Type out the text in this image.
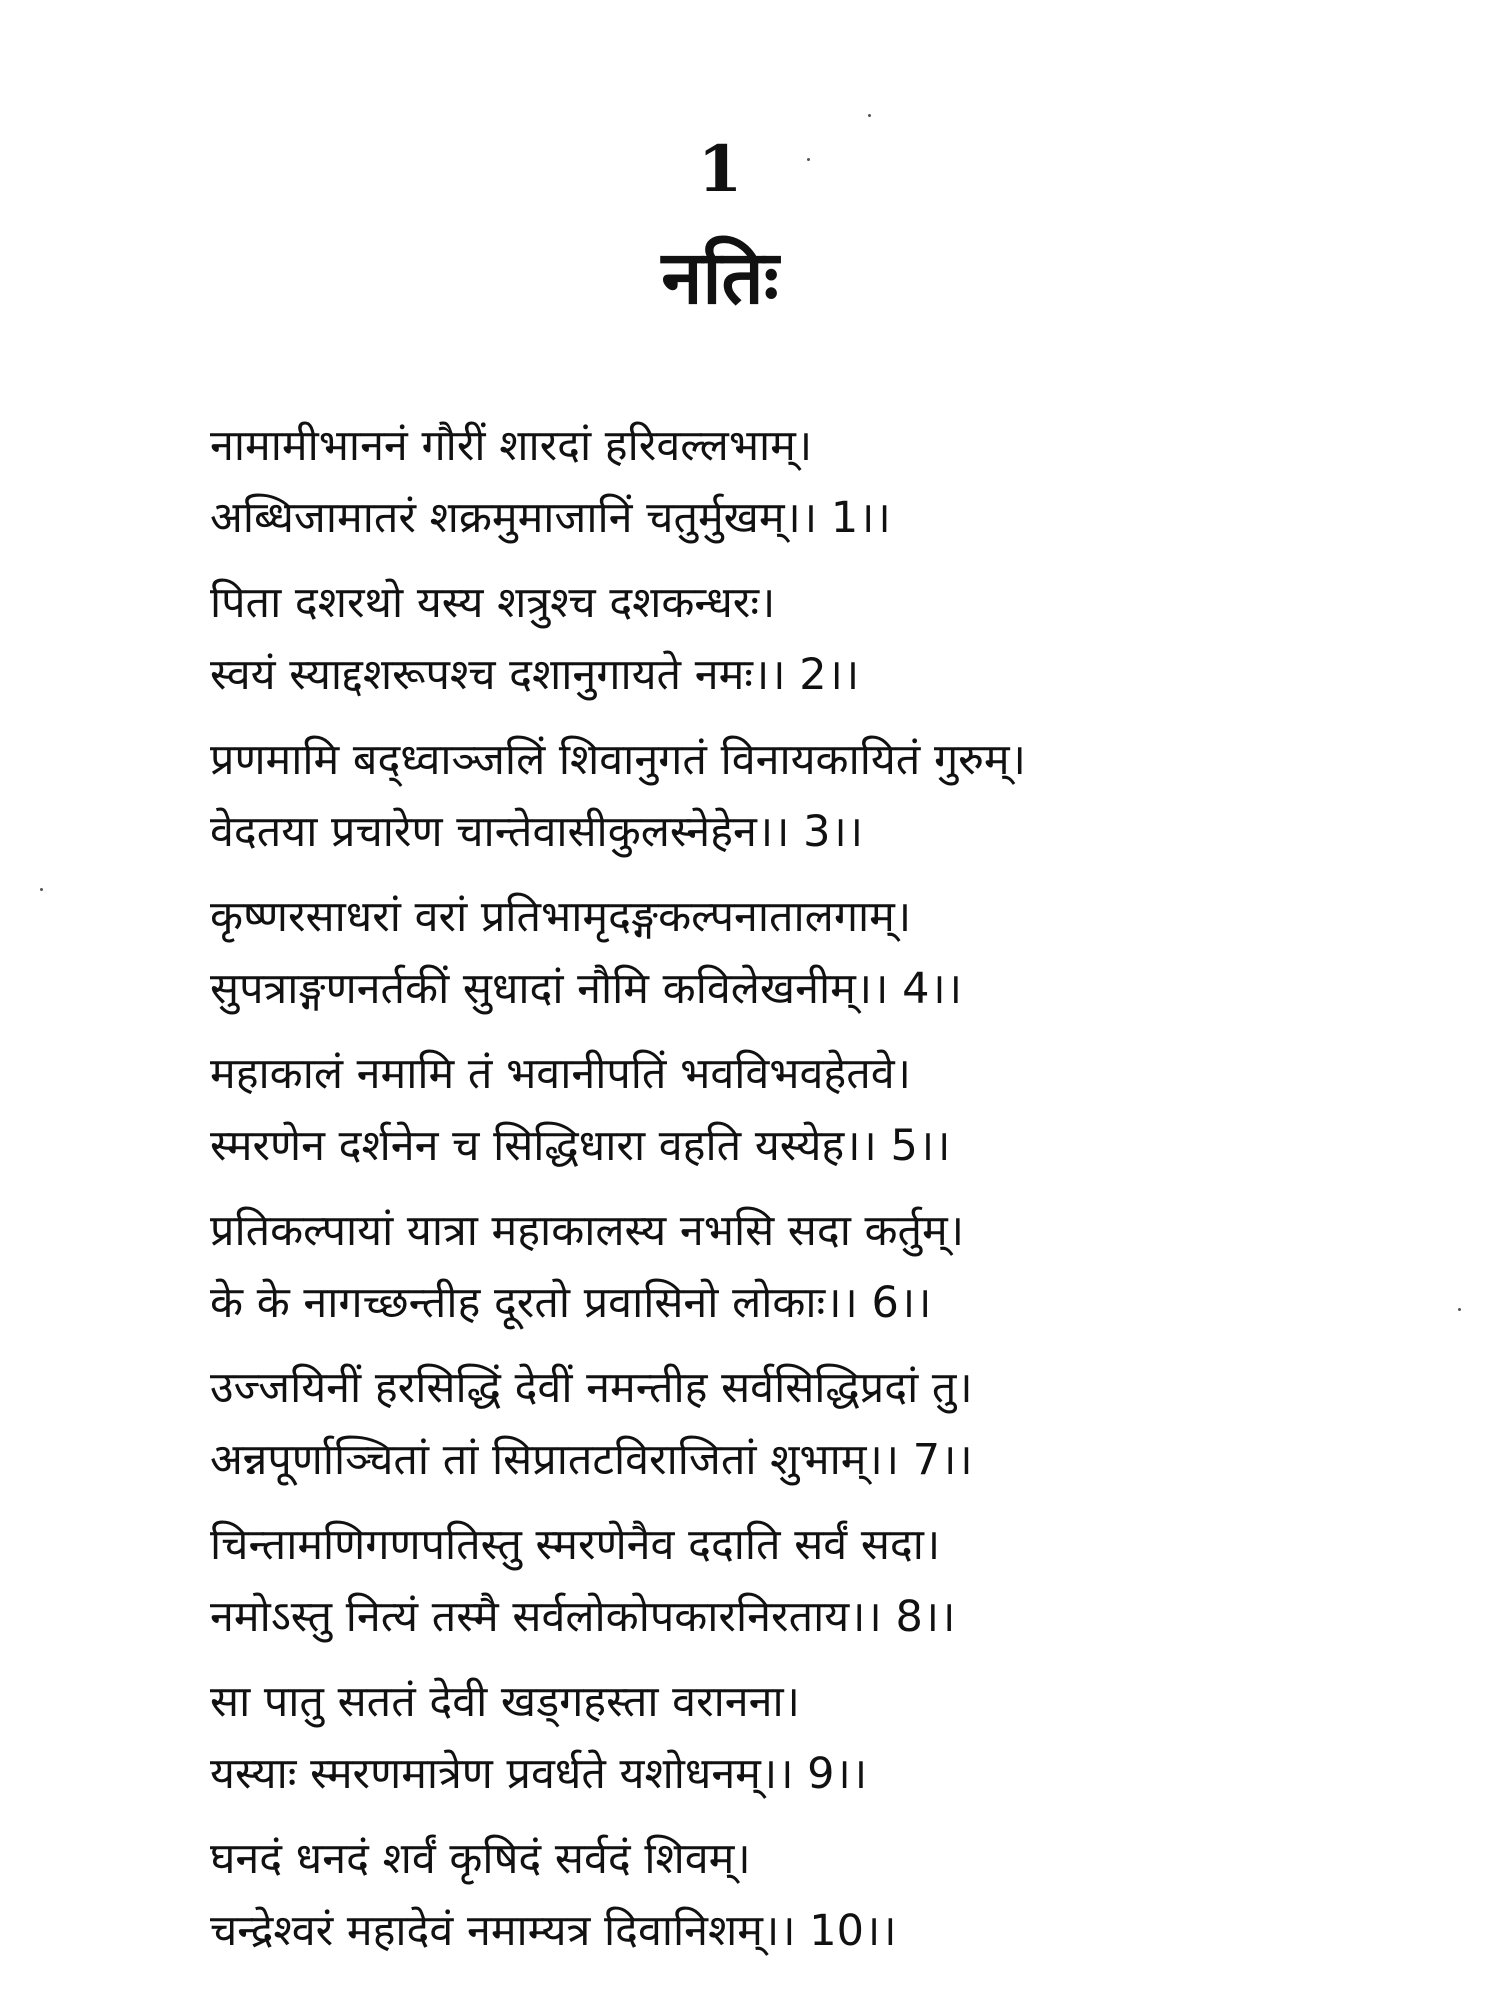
1
नतिः
नामामीभाननं गौरीं शारदां हरिवल्लभाम्।
अब्धिजामातरं शक्रमुमाजानिं चतुर्मुखम्।। 1।।
पिता दशरथो यस्य शत्रुश्च दशकन्धरः।
स्वयं स्याद्दशरूपश्च दशानुगायते नमः।। 2।।
प्रणमामि बद्ध्वाञ्जलिं शिवानुगतं विनायकायितं गुरुम्।
वेदतया प्रचारेण चान्तेवासीकुलस्नेहेन।। 3।।
कृष्णरसाधरां वरां प्रतिभामृदङ्गकल्पनातालगाम्।
सुपत्राङ्गणनर्तकीं सुधादां नौमि कविलेखनीम्।। 4।।
महाकालं नमामि तं भवानीपतिं भवविभवहेतवे।
स्मरणेन दर्शनेन च सिद्धिधारा वहति यस्येह।। 5।।
प्रतिकल्पायां यात्रा महाकालस्य नभसि सदा कर्तुम्।
के के नागच्छन्तीह दूरतो प्रवासिनो लोकाः।। 6।।
उज्जयिनीं हरसिद्धिं देवीं नमन्तीह सर्वसिद्धिप्रदां तु।
अन्नपूर्णाञ्चितां तां सिप्रातटविराजितां शुभाम्।। 7।।
चिन्तामणिगणपतिस्तु स्मरणेनैव ददाति सर्वं सदा।
नमोऽस्तु नित्यं तस्मै सर्वलोकोपकारनिरताय।। 8।।
सा पातु सततं देवी खड्गहस्ता वरानना।
यस्याः स्मरणमात्रेण प्रवर्धते यशोधनम्।। 9।।
घनदं धनदं शर्वं कृषिदं सर्वदं शिवम्।
चन्द्रेश्वरं महादेवं नमाम्यत्र दिवानिशम्।। 10।।
